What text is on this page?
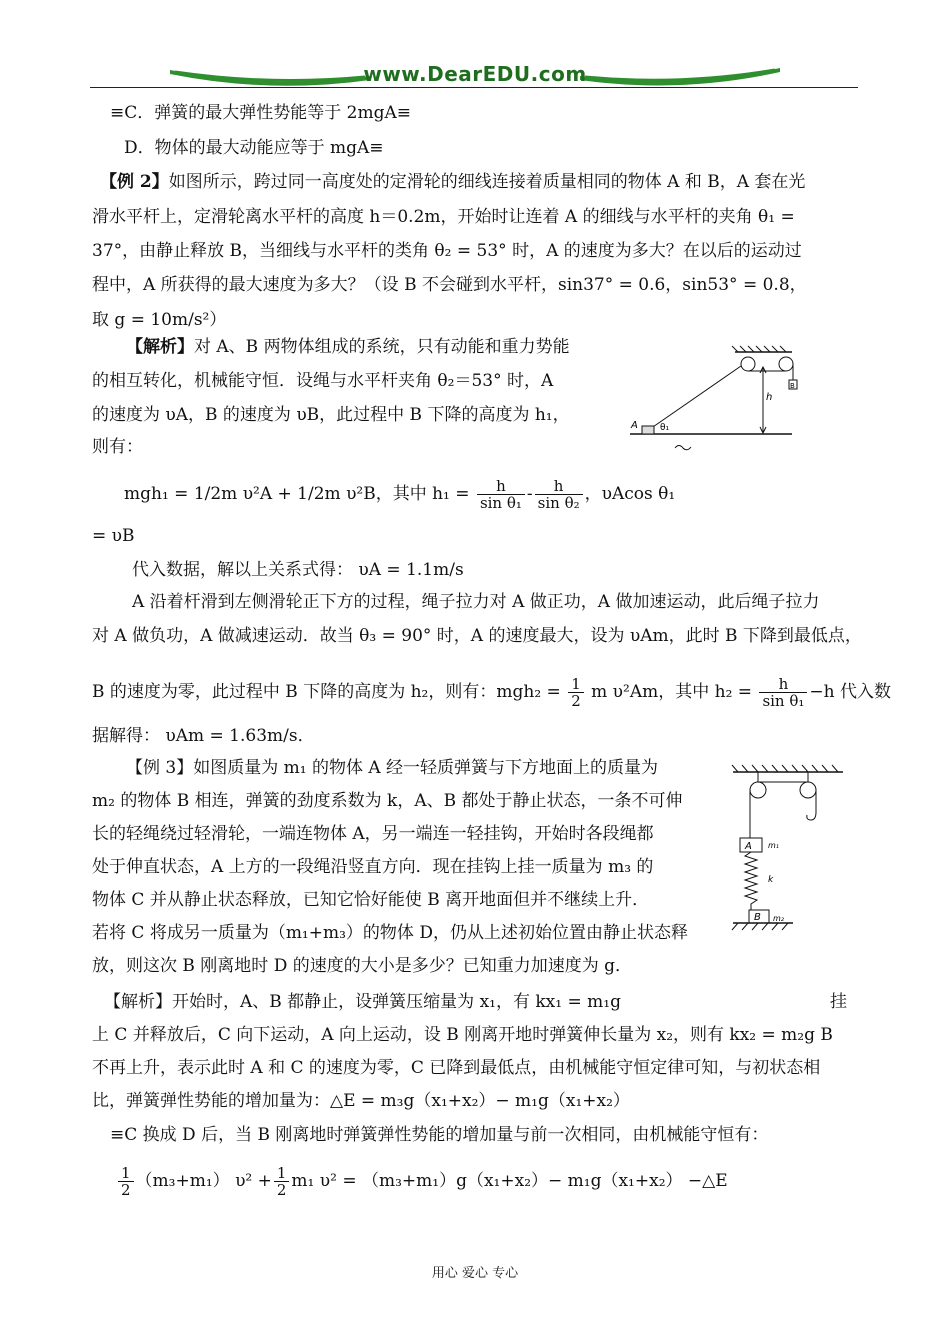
www.DearEDU.com
≡C．弹簧的最大弹性势能等于 2mgA≡
D．物体的最大动能应等于 mgA≡
【例 2】如图所示，跨过同一高度处的定滑轮的细线连接着质量相同的物体 A 和 B，A 套在光
滑水平杆上，定滑轮离水平杆的高度 h＝0.2m，开始时让连着 A 的细线与水平杆的夹角 θ₁ =
37°，由静止释放 B，当细线与水平杆的类角 θ₂ = 53° 时，A 的速度为多大？在以后的运动过
程中，A 所获得的最大速度为多大？（设 B 不会碰到水平杆，sin37° = 0.6，sin53° = 0.8，
取 g = 10m/s²）
【解析】对 A、B 两物体组成的系统，只有动能和重力势能
的相互转化，机械能守恒．设绳与水平杆夹角 θ₂＝53° 时，A
的速度为 υA，B 的速度为 υB，此过程中 B 下降的高度为 h₁，
则有：
B
A θ₁
h
mgh₁ = 1/2m υ²A + 1/2m υ²B，其中 $h_1 = \frac{h}{\text{sin θ₁}} - \frac{h}{\text{sin θ₂}}$ ，υAcos θ₁
= υB
代入数据，解以上关系式得： υA = 1.1m/s
A 沿着杆滑到左侧滑轮正下方的过程，绳子拉力对 A 做正功，A 做加速运动，此后绳子拉力
对 A 做负功，A 做减速运动．故当 θ₃ = 90° 时，A 的速度最大，设为 υAm，此时 B 下降到最低点，
B 的速度为零，此过程中 B 下降的高度为 h₂，则有：$mgh_2 = \frac{1}{2}$ m υ²Am，其中 $h_2 = \frac{h}{\text{sin θ₁}} -h$ 代入数
据解得： υAm = 1.63m/s．
【例 3】如图质量为 m₁ 的物体 A 经一轻质弹簧与下方地面上的质量为
m₂ 的物体 B 相连，弹簧的劲度系数为 k，A、B 都处于静止状态，一条不可伸
长的轻绳绕过轻滑轮，一端连物体 A，另一端连一轻挂钩，开始时各段绳都
处于伸直状态，A 上方的一段绳沿竖直方向．现在挂钩上挂一质量为 m₃ 的
物体 C 并从静止状态释放，已知它恰好能使 B 离开地面但并不继续上升．
若将 C 将成另一质量为（m₁+m₃）的物体 D，仍从上述初始位置由静止状态释
放，则这次 B 刚离地时 D 的速度的大小是多少？已知重力加速度为 g．
A m₁
k
B m₂
【解析】开始时，A、B 都静止，设弹簧压缩量为 x₁，有 kx₁ = m₁g	挂
上 C 并释放后，C 向下运动，A 向上运动，设 B 刚离开地时弹簧伸长量为 x₂，则有 kx₂ = m₂g B
不再上升，表示此时 A 和 C 的速度为零，C 已降到最低点，由机械能守恒定律可知，与初状态相
比，弹簧弹性势能的增加量为：△E = m₃g（x₁+x₂）− m₁g（x₁+x₂）
≡C 换成 D 后，当 B 刚离地时弹簧弹性势能的增加量与前一次相同，由机械能守恒有：
$\frac{1}{2} (m_3+m_1) \upsilon^2 + \frac{1}{2} m_1$ υ² = （m₃+m₁）g（x₁+x₂）− m₁g（x₁+x₂） −△E
用心 爱心 专心
